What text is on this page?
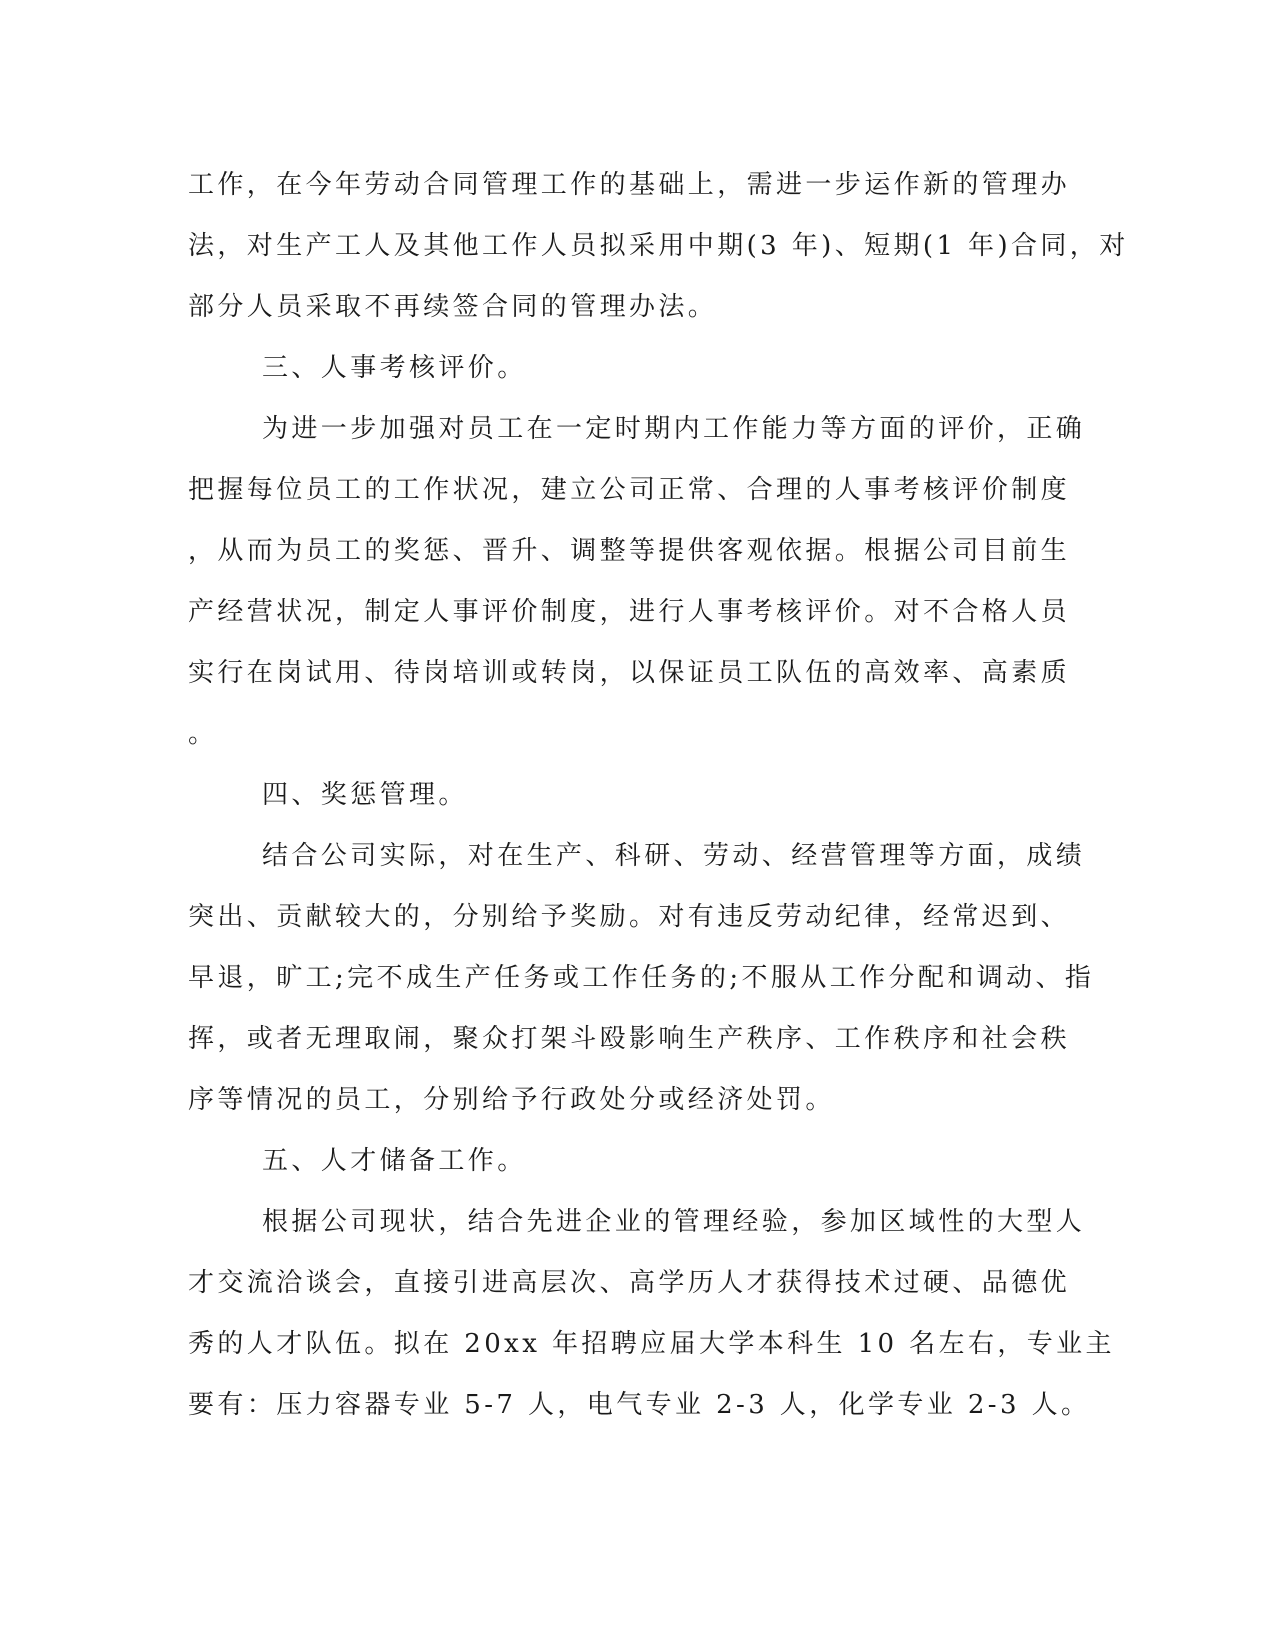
工作，在今年劳动合同管理工作的基础上，需进一步运作新的管理办
法，对生产工人及其他工作人员拟采用中期(3 年)、短期(1 年)合同，对
部分人员采取不再续签合同的管理办法。
三、人事考核评价。
为进一步加强对员工在一定时期内工作能力等方面的评价，正确
把握每位员工的工作状况，建立公司正常、合理的人事考核评价制度
，从而为员工的奖惩、晋升、调整等提供客观依据。根据公司目前生
产经营状况，制定人事评价制度，进行人事考核评价。对不合格人员
实行在岗试用、待岗培训或转岗，以保证员工队伍的高效率、高素质
。
四、奖惩管理。
结合公司实际，对在生产、科研、劳动、经营管理等方面，成绩
突出、贡献较大的，分别给予奖励。对有违反劳动纪律，经常迟到、
早退，旷工;完不成生产任务或工作任务的;不服从工作分配和调动、指
挥，或者无理取闹，聚众打架斗殴影响生产秩序、工作秩序和社会秩
序等情况的员工，分别给予行政处分或经济处罚。
五、人才储备工作。
根据公司现状，结合先进企业的管理经验，参加区域性的大型人
才交流洽谈会，直接引进高层次、高学历人才获得技术过硬、品德优
秀的人才队伍。拟在 20xx 年招聘应届大学本科生 10 名左右，专业主
要有：压力容器专业 5-7 人，电气专业 2-3 人，化学专业 2-3 人。
